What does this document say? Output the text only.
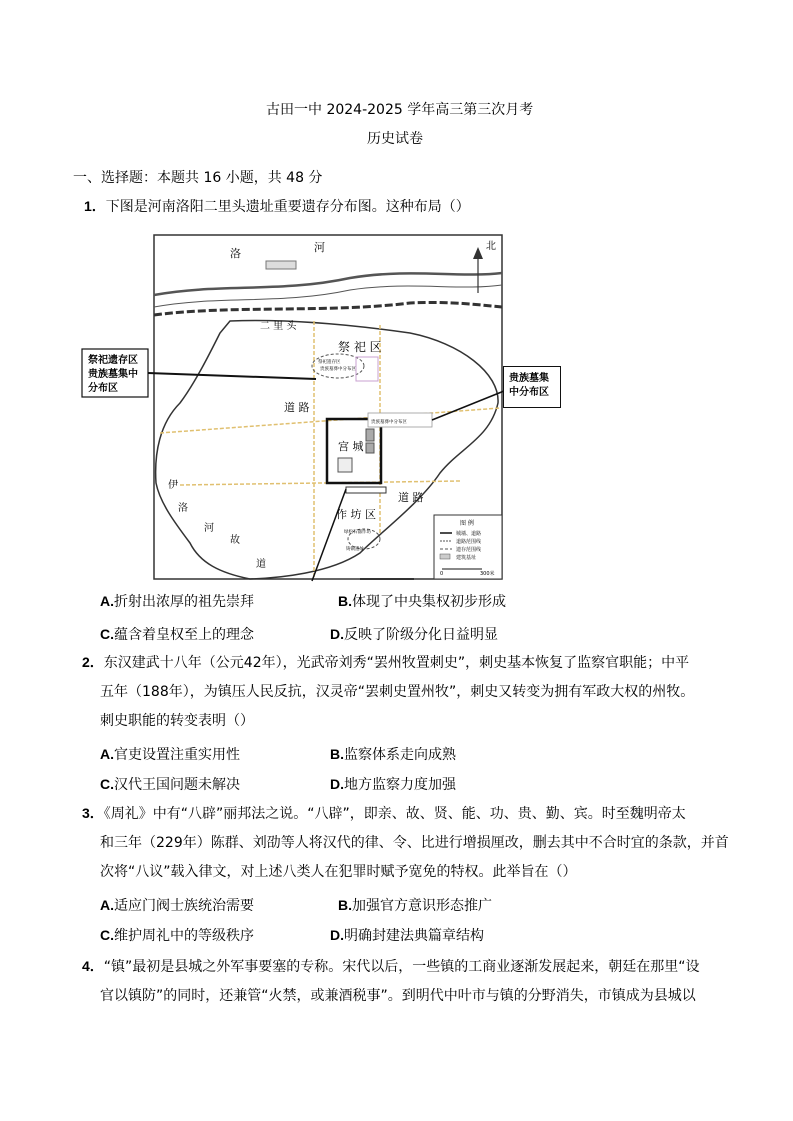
古田一中 2024-2025 学年高三第三次月考
历史试卷
一、选择题：本题共 16 小题，共 48 分
1．下图是河南洛阳二里头遗址重要遗存分布图。这种布局（）
北
图 例
城墙、道路
道路范围线
遗存范围线
建筑基址
0	300米
洛	河
二 里 头
祭 祀 区
祭祀遗存区
贵族墓葬中分布区
贵族墓葬中分布区
道 路
宫 城
道 路
作 坊 区
绿松石器作坊
铸铜遗址
伊
洛
河
故
道
祭祀遗存区
贵族墓集中
分布区
贵族墓集
中分布区
A.折射出浓厚的祖先崇拜	B.体现了中央集权初步形成
C.蕴含着皇权至上的理念	D.反映了阶级分化日益明显
2．东汉建武十八年（公元42年），光武帝刘秀“罢州牧置刺史”，刺史基本恢复了监察官职能；中平
五年（188年），为镇压人民反抗，汉灵帝“罢刺史置州牧”，刺史又转变为拥有军政大权的州牧。
刺史职能的转变表明（）
A.官吏设置注重实用性	B.监察体系走向成熟
C.汉代王国问题未解决	D.地方监察力度加强
3．《周礼》中有“八辟”丽邦法之说。“八辟”，即亲、故、贤、能、功、贵、勤、宾。时至魏明帝太
和三年（229年）陈群、刘劭等人将汉代的律、令、比进行增损厘改，删去其中不合时宜的条款，并首
次将“八议”载入律文，对上述八类人在犯罪时赋予宽免的特权。此举旨在（）
A.适应门阀士族统治需要	B.加强官方意识形态推广
C.维护周礼中的等级秩序	D.明确封建法典篇章结构
4．“镇”最初是县城之外军事要塞的专称。宋代以后，一些镇的工商业逐渐发展起来，朝廷在那里“设
官以镇防”的同时，还兼管“火禁，或兼酒税事”。到明代中叶市与镇的分野消失，市镇成为县城以
